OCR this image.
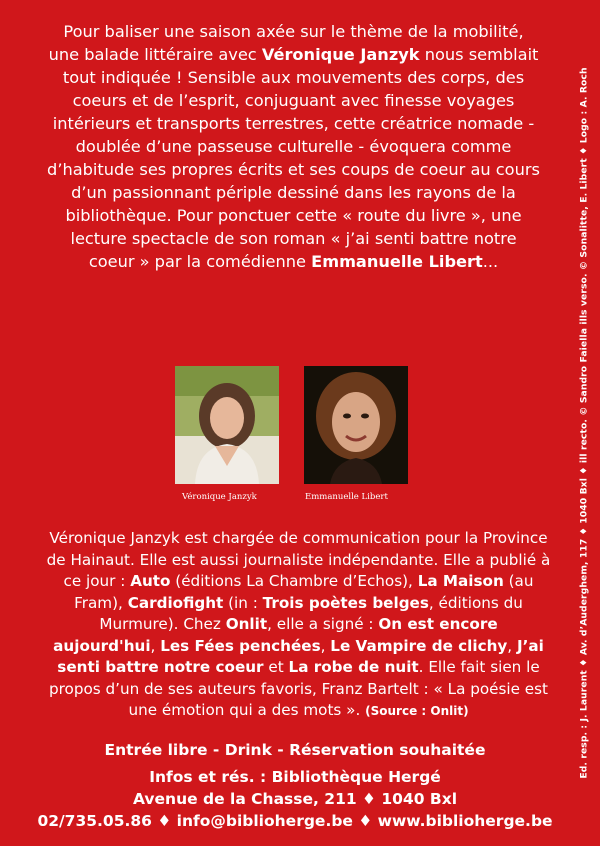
Pour baliser une saison axée sur le thème de la mobilité, une balade littéraire avec Véronique Janzyk nous semblait tout indiquée ! Sensible aux mouvements des corps, des coeurs et de l’esprit, conjuguant avec finesse voyages intérieurs et transports terrestres, cette créatrice nomade - doublée d’une passeuse culturelle - évoquera comme d’habitude ses propres écrits et ses coups de coeur au cours d’un passionnant périple dessiné dans les rayons de la bibliothèque. Pour ponctuer cette « route du livre », une lecture spectacle de son roman « j’ai senti battre notre coeur » par la comédienne Emmanuelle Libert...
Véronique Janzyk	Emmanuelle Libert
Véronique Janzyk est chargée de communication pour la Province de Hainaut. Elle est aussi journaliste indépendante. Elle a publié à ce jour : Auto (éditions La Chambre d’Echos), La Maison (au Fram), Cardiofight (in : Trois poètes belges, éditions du Murmure). Chez Onlit, elle a signé : On est encore aujourd'hui, Les Fées penchées, Le Vampire de clichy, J’ai senti battre notre coeur et La robe de nuit. Elle fait sien le propos d’un de ses auteurs favoris, Franz Bartelt : « La poésie est une émotion qui a des mots ». (Source : Onlit)
Entrée libre - Drink - Réservation souhaitée
Infos et rés. : Bibliothèque Hergé
Avenue de la Chasse, 211 ♦ 1040 Bxl
02/735.05.86 ♦ info@biblioherge.be ♦ www.biblioherge.be
Ed. resp. : J. Laurent ♦ Av. d’Auderghem, 117 ♦ 1040 Bxl ♦ ill recto. © Sandro Faiella ills verso. © Sonalitte, E. Libert ♦ Logo : A. Roch
